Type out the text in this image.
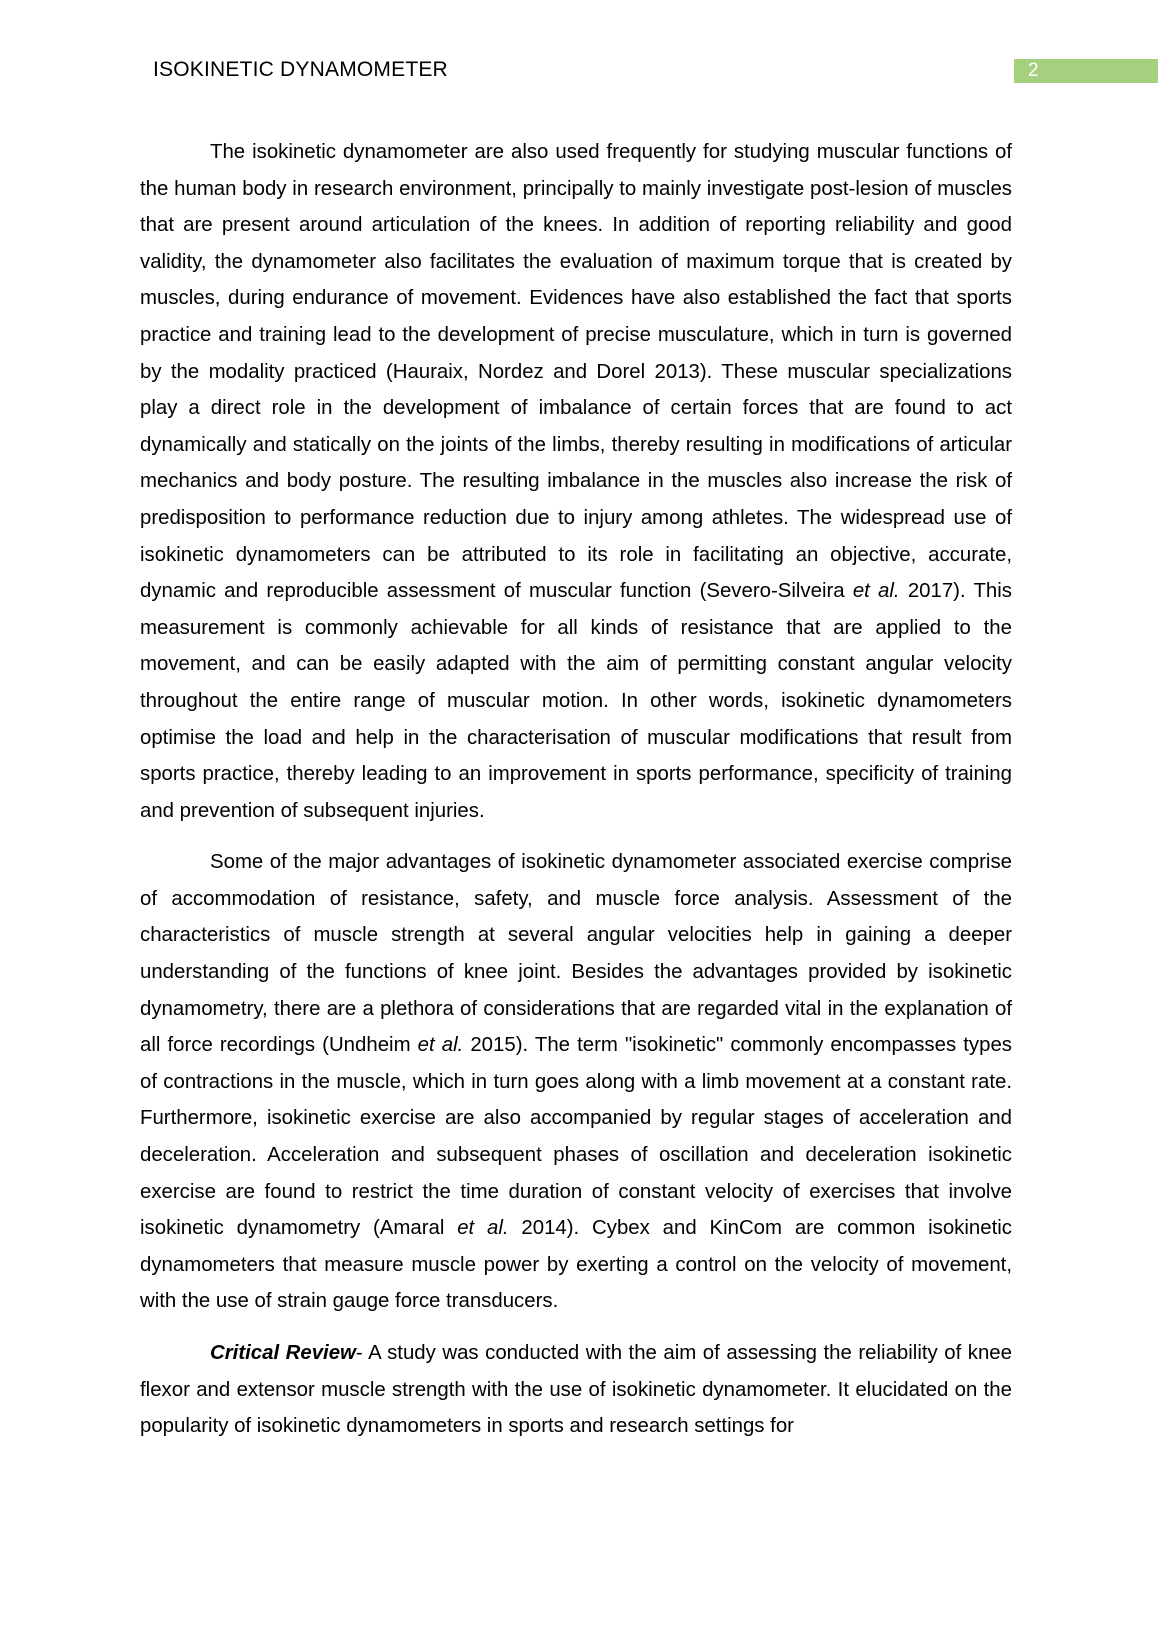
ISOKINETIC DYNAMOMETER	2

The isokinetic dynamometer are also used frequently for studying muscular functions of the human body in research environment, principally to mainly investigate post-lesion of muscles that are present around articulation of the knees. In addition of reporting reliability and good validity, the dynamometer also facilitates the evaluation of maximum torque that is created by muscles, during endurance of movement. Evidences have also established the fact that sports practice and training lead to the development of precise musculature, which in turn is governed by the modality practiced (Hauraix, Nordez and Dorel 2013). These muscular specializations play a direct role in the development of imbalance of certain forces that are found to act dynamically and statically on the joints of the limbs, thereby resulting in modifications of articular mechanics and body posture. The resulting imbalance in the muscles also increase the risk of predisposition to performance reduction due to injury among athletes. The widespread use of isokinetic dynamometers can be attributed to its role in facilitating an objective, accurate, dynamic and reproducible assessment of muscular function (Severo-Silveira et al. 2017). This measurement is commonly achievable for all kinds of resistance that are applied to the movement, and can be easily adapted with the aim of permitting constant angular velocity throughout the entire range of muscular motion. In other words, isokinetic dynamometers optimise the load and help in the characterisation of muscular modifications that result from sports practice, thereby leading to an improvement in sports performance, specificity of training and prevention of subsequent injuries.

Some of the major advantages of isokinetic dynamometer associated exercise comprise of accommodation of resistance, safety, and muscle force analysis. Assessment of the characteristics of muscle strength at several angular velocities help in gaining a deeper understanding of the functions of knee joint. Besides the advantages provided by isokinetic dynamometry, there are a plethora of considerations that are regarded vital in the explanation of all force recordings (Undheim et al. 2015). The term "isokinetic" commonly encompasses types of contractions in the muscle, which in turn goes along with a limb movement at a constant rate. Furthermore, isokinetic exercise are also accompanied by regular stages of acceleration and deceleration. Acceleration and subsequent phases of oscillation and deceleration isokinetic exercise are found to restrict the time duration of constant velocity of exercises that involve isokinetic dynamometry (Amaral et al. 2014). Cybex and KinCom are common isokinetic dynamometers that measure muscle power by exerting a control on the velocity of movement, with the use of strain gauge force transducers.

Critical Review- A study was conducted with the aim of assessing the reliability of knee flexor and extensor muscle strength with the use of isokinetic dynamometer. It elucidated on the popularity of isokinetic dynamometers in sports and research settings for
